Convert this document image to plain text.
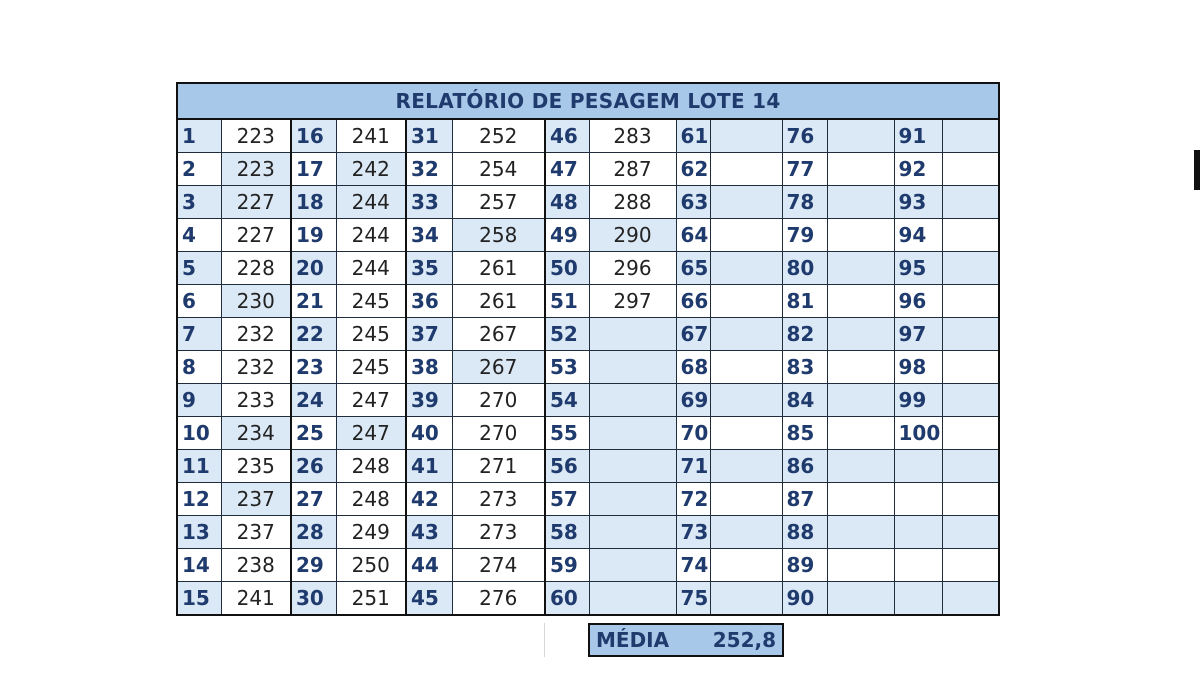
RELATÓRIO DE PESAGEM LOTE 14													
1	223	16	241	31	252	46	283	61		76		91	
2	223	17	242	32	254	47	287	62		77		92	
3	227	18	244	33	257	48	288	63		78		93	
4	227	19	244	34	258	49	290	64		79		94	
5	228	20	244	35	261	50	296	65		80		95	
6	230	21	245	36	261	51	297	66		81		96	
7	232	22	245	37	267	52		67		82		97	
8	232	23	245	38	267	53		68		83		98	
9	233	24	247	39	270	54		69		84		99	
10	234	25	247	40	270	55		70		85		100	
11	235	26	248	41	271	56		71		86			
12	237	27	248	42	273	57		72		87			
13	237	28	249	43	273	58		73		88			
14	238	29	250	44	274	59		74		89			
15	241	30	251	45	276	60		75		90			
MÉDIA 252,8
